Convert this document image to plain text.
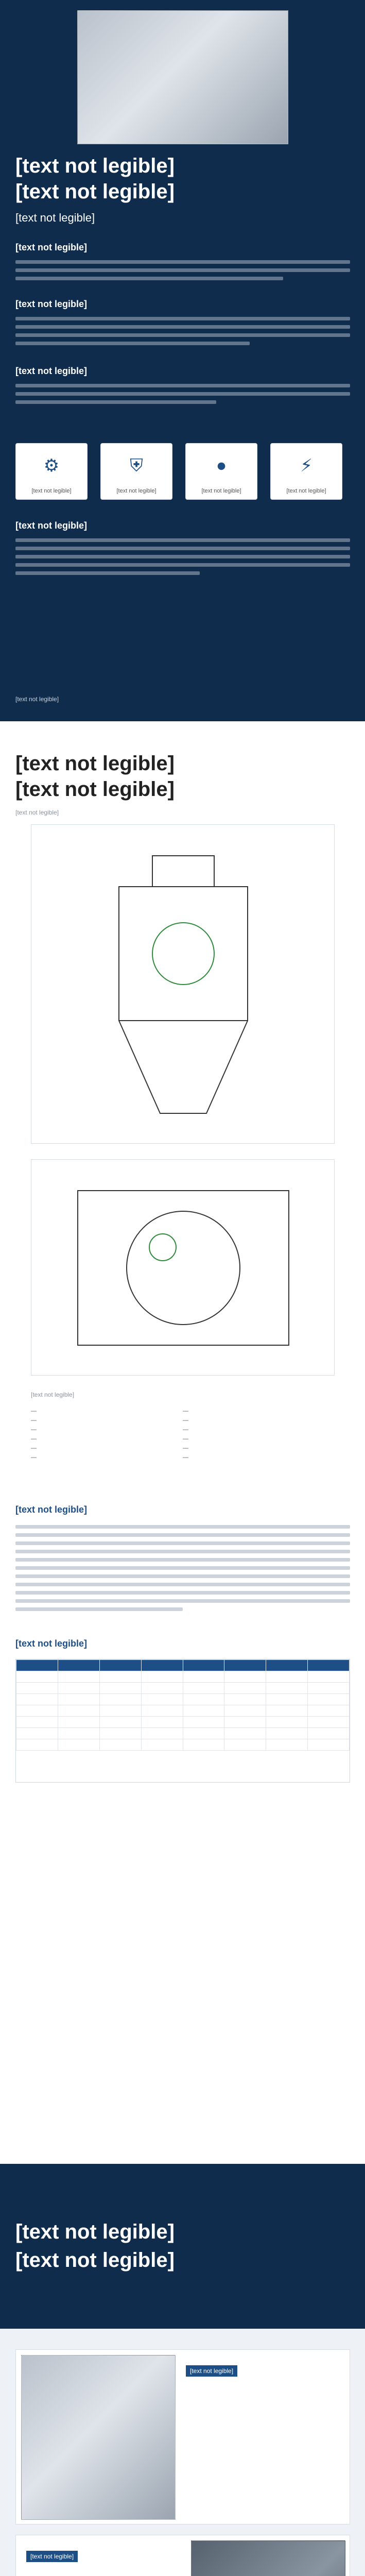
[text not legible]
[text not legible]
[text not legible]
[text not legible]
[text not legible]
[text not legible]
⚙
[text not legible]
⛨
[text not legible]
●
[text not legible]
⚡
[text not legible]
[text not legible]
[text not legible]
[text not legible]
[text not legible]
[text not legible]
[text not legible]
—	—
—	—
—	—
—	—
—	—
—	—
[text not legible]
[text not legible]

[text not legible]
[text not legible]
[text not legible]
[text not legible]
